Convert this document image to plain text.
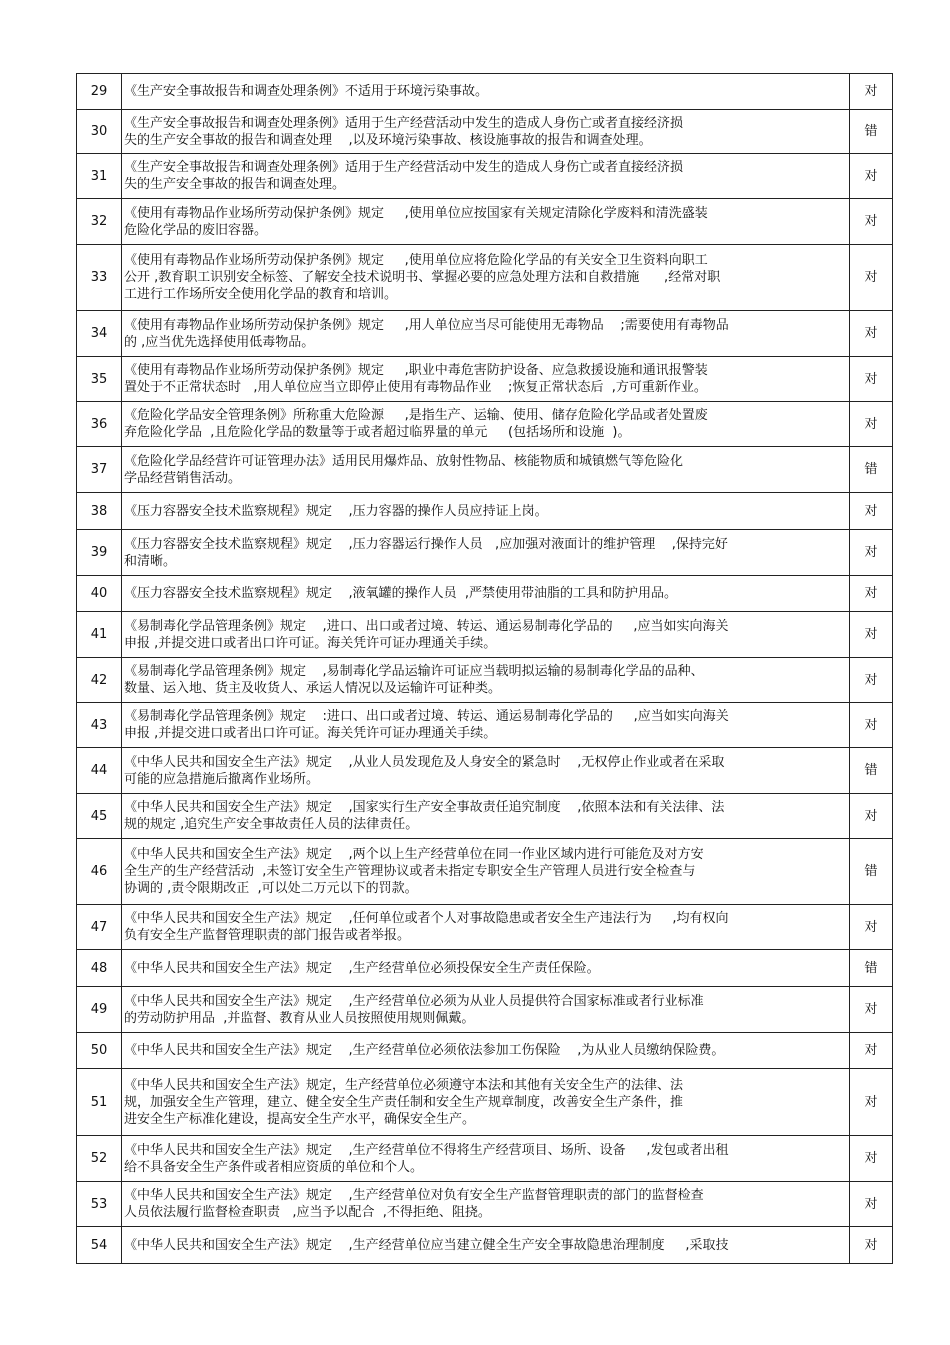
29	《生产安全事故报告和调查处理条例》不适用于环境污染事故。	对
30	《生产安全事故报告和调查处理条例》适用于生产经营活动中发生的造成人身伤亡或者直接经济损
失的生产安全事故的报告和调查处理    ,以及环境污染事故、核设施事故的报告和调查处理。	错
31	《生产安全事故报告和调查处理条例》适用于生产经营活动中发生的造成人身伤亡或者直接经济损
失的生产安全事故的报告和调查处理。	对
32	《使用有毒物品作业场所劳动保护条例》规定     ,使用单位应按国家有关规定清除化学废料和清洗盛装
危险化学品的废旧容器。	对
33	《使用有毒物品作业场所劳动保护条例》规定     ,使用单位应将危险化学品的有关安全卫生资料向职工
公开 ,教育职工识别安全标签、了解安全技术说明书、掌握必要的应急处理方法和自救措施      ,经常对职
工进行工作场所安全使用化学品的教育和培训。	对
34	《使用有毒物品作业场所劳动保护条例》规定     ,用人单位应当尽可能使用无毒物品    ;需要使用有毒物品
的 ,应当优先选择使用低毒物品。	对
35	《使用有毒物品作业场所劳动保护条例》规定     ,职业中毒危害防护设备、应急救援设施和通讯报警装
置处于不正常状态时   ,用人单位应当立即停止使用有毒物品作业    ;恢复正常状态后  ,方可重新作业。	对
36	《危险化学品安全管理条例》所称重大危险源     ,是指生产、运输、使用、储存危险化学品或者处置废
弃危险化学品  ,且危险化学品的数量等于或者超过临界量的单元     (包括场所和设施  )。	对
37	《危险化学品经营许可证管理办法》适用民用爆炸品、放射性物品、核能物质和城镇燃气等危险化
学品经营销售活动。	错
38	《压力容器安全技术监察规程》规定    ,压力容器的操作人员应持证上岗。	对
39	《压力容器安全技术监察规程》规定    ,压力容器运行操作人员   ,应加强对液面计的维护管理    ,保持完好
和清晰。	对
40	《压力容器安全技术监察规程》规定    ,液氧罐的操作人员  ,严禁使用带油脂的工具和防护用品。	对
41	《易制毒化学品管理条例》规定    ,进口、出口或者过境、转运、通运易制毒化学品的     ,应当如实向海关
申报 ,并提交进口或者出口许可证。海关凭许可证办理通关手续。	对
42	《易制毒化学品管理条例》规定    ,易制毒化学品运输许可证应当载明拟运输的易制毒化学品的品种、
数量、运入地、货主及收货人、承运人情况以及运输许可证种类。	对
43	《易制毒化学品管理条例》规定    :进口、出口或者过境、转运、通运易制毒化学品的     ,应当如实向海关
申报 ,并提交进口或者出口许可证。海关凭许可证办理通关手续。	对
44	《中华人民共和国安全生产法》规定    ,从业人员发现危及人身安全的紧急时    ,无权停止作业或者在采取
可能的应急措施后撤离作业场所。	错
45	《中华人民共和国安全生产法》规定    ,国家实行生产安全事故责任追究制度    ,依照本法和有关法律、法
规的规定 ,追究生产安全事故责任人员的法律责任。	对
46	《中华人民共和国安全生产法》规定    ,两个以上生产经营单位在同一作业区域内进行可能危及对方安
全生产的生产经营活动  ,未签订安全生产管理协议或者未指定专职安全生产管理人员进行安全检查与
协调的 ,责令限期改正  ,可以处二万元以下的罚款。	错
47	《中华人民共和国安全生产法》规定    ,任何单位或者个人对事故隐患或者安全生产违法行为     ,均有权向
负有安全生产监督管理职责的部门报告或者举报。	对
48	《中华人民共和国安全生产法》规定    ,生产经营单位必须投保安全生产责任保险。	错
49	《中华人民共和国安全生产法》规定    ,生产经营单位必须为从业人员提供符合国家标准或者行业标准
的劳动防护用品  ,并监督、教育从业人员按照使用规则佩戴。	对
50	《中华人民共和国安全生产法》规定    ,生产经营单位必须依法参加工伤保险    ,为从业人员缴纳保险费。	对
51	《中华人民共和国安全生产法》规定，生产经营单位必须遵守本法和其他有关安全生产的法律、法
规，加强安全生产管理，建立、健全安全生产责任制和安全生产规章制度，改善安全生产条件，推
进安全生产标准化建设，提高安全生产水平，确保安全生产。	对
52	《中华人民共和国安全生产法》规定    ,生产经营单位不得将生产经营项目、场所、设备     ,发包或者出租
给不具备安全生产条件或者相应资质的单位和个人。	对
53	《中华人民共和国安全生产法》规定    ,生产经营单位对负有安全生产监督管理职责的部门的监督检查
人员依法履行监督检查职责   ,应当予以配合  ,不得拒绝、阻挠。	对
54	《中华人民共和国安全生产法》规定    ,生产经营单位应当建立健全生产安全事故隐患治理制度     ,采取技	对
